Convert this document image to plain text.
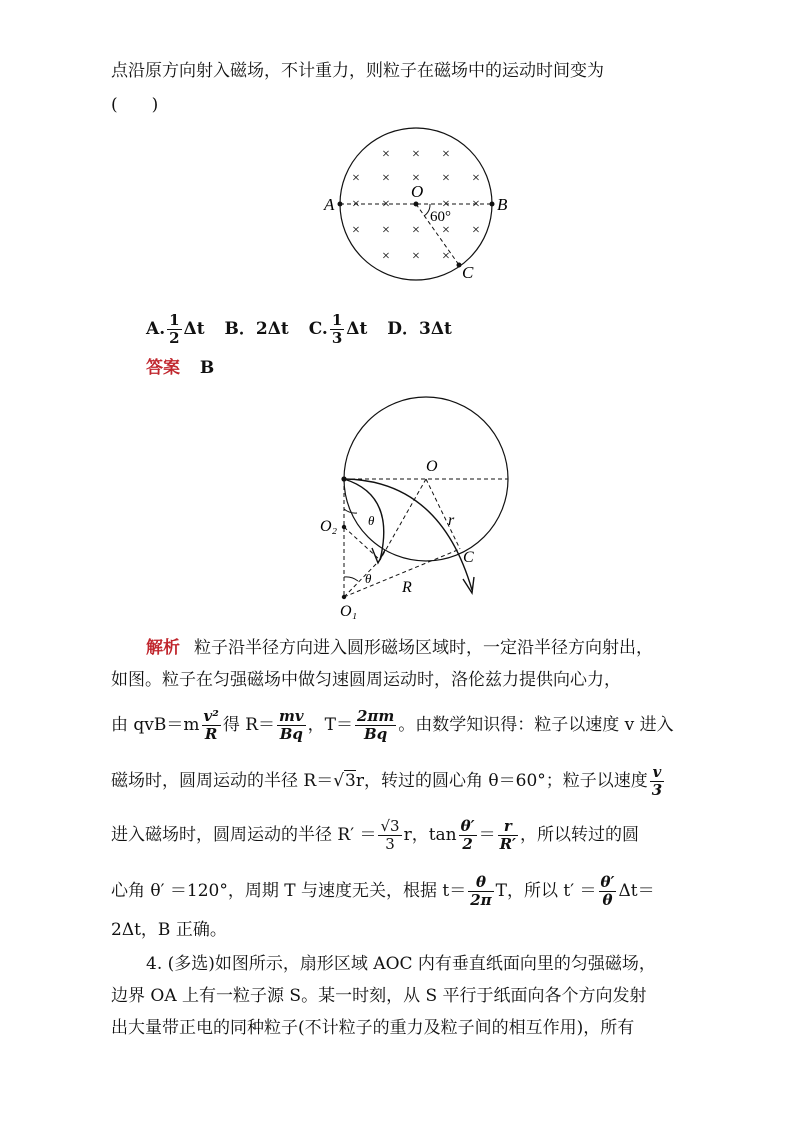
点沿原方向射入磁场，不计重力，则粒子在磁场中的运动时间变为
(　　)
× × ×
× × × × ×
× ×	× ×
× × × × ×
× × ×
A	B
O
C
60°
A. $\frac{1}{2}$ Δt B．2Δt C. $\frac{1}{3}$ Δt D．3Δt
答案 B
O
O₂
O₁
θ
θ
r
R
C
解析 粒子沿半径方向进入圆形磁场区域时，一定沿半径方向射出，
如图。粒子在匀强磁场中做匀速圆周运动时，洛伦兹力提供向心力，
由 $qvB=m \frac{\text{v²}}{R}$ 得 $R= \frac{mv}{Bq}$ ，$T= \frac{2\pi m}{Bq}$ 。由数学知识得：粒子以速度 v 进入
磁场时，圆周运动的半径 R＝√3r，转过的圆心角 θ＝60°；粒子以速度 $\frac{v}{3}$
进入磁场时，圆周运动的半径 $R' = \frac{√3}{3}$ r，$\tan \frac{\theta'}{2} = \frac{r}{R'}$ ，所以转过的圆
心角 θ′ ＝120°，周期 T 与速度无关，根据 $t= \frac{\theta}{2\pi}$ T，所以 $t' = \frac{\theta'}{\theta} \Delta t=$
2Δt，B 正确。
4. (多选)如图所示，扇形区域 AOC 内有垂直纸面向里的匀强磁场，
边界 OA 上有一粒子源 S。某一时刻，从 S 平行于纸面向各个方向发射
出大量带正电的同种粒子(不计粒子的重力及粒子间的相互作用)，所有
